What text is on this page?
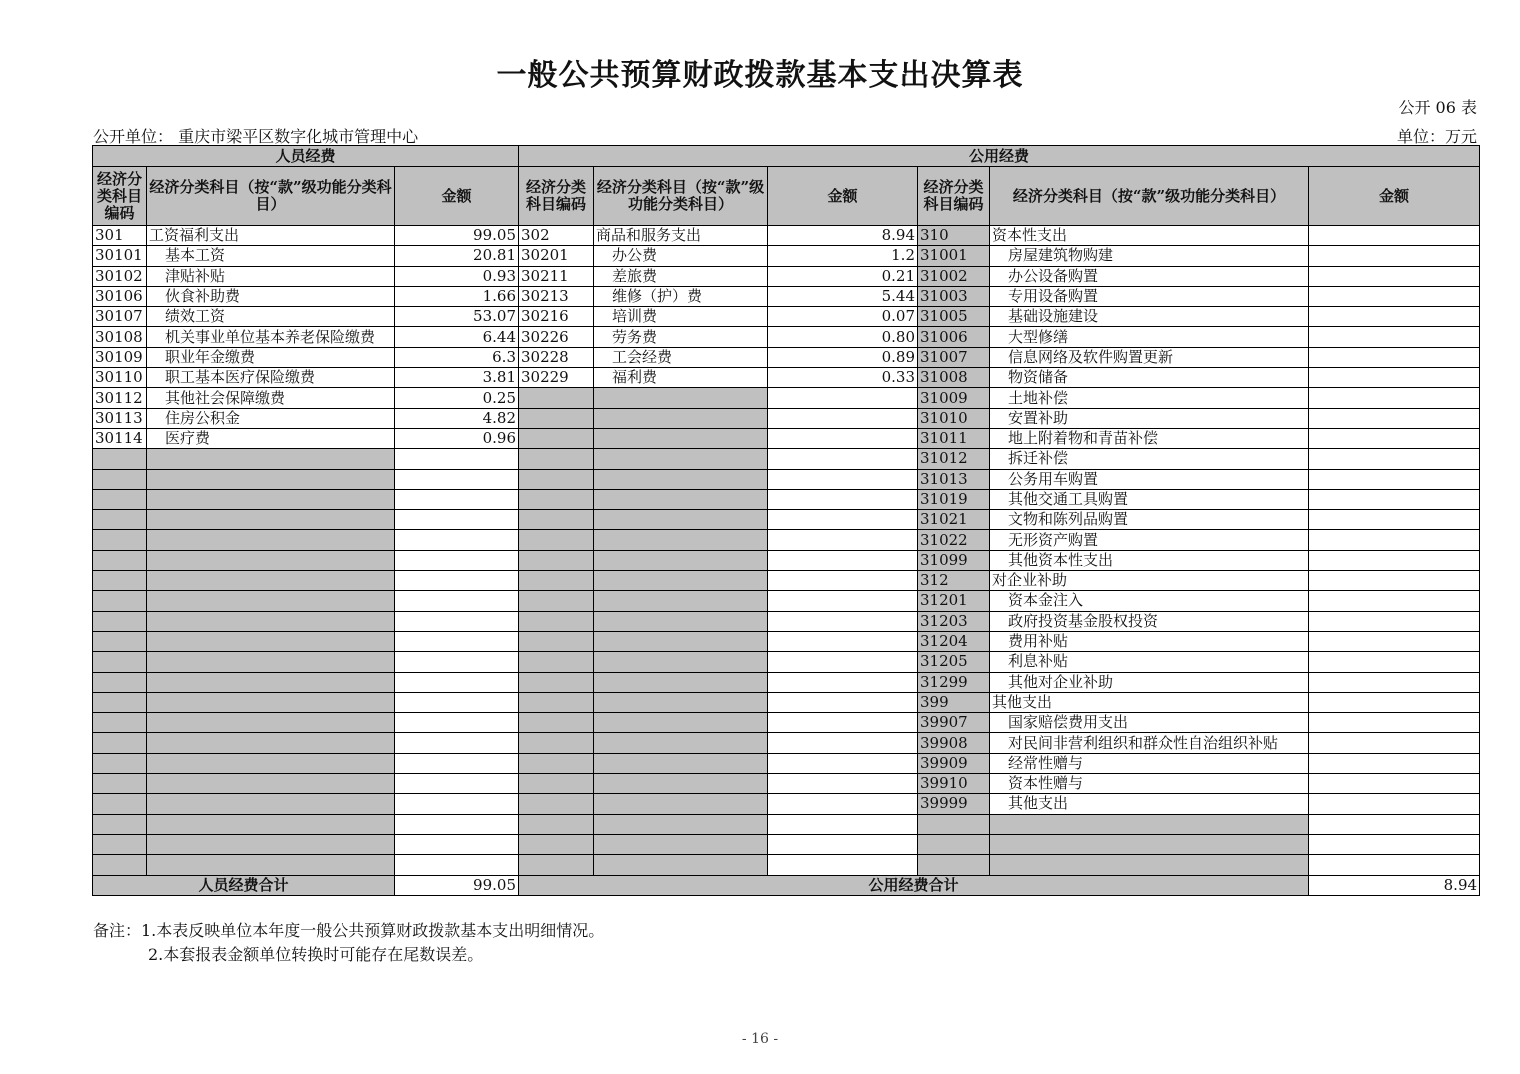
一般公共预算财政拨款基本支出决算表
公开 06 表
公开单位： 重庆市梁平区数字化城市管理中心	单位：万元
人员经费			公用经费					
经济分类科目编码	经济分类科目（按“款”级功能分类科目）	金额	经济分类科目编码	经济分类科目（按“款”级功能分类科目）	金额	经济分类科目编码	经济分类科目（按“款”级功能分类科目）	金额
301	工资福利支出	99.05	302	商品和服务支出	8.94	310	资本性支出	
30101	基本工资	20.81	30201	办公费	1.2	31001	房屋建筑物购建	
30102	津贴补贴	0.93	30211	差旅费	0.21	31002	办公设备购置	
30106	伙食补助费	1.66	30213	维修（护）费	5.44	31003	专用设备购置	
30107	绩效工资	53.07	30216	培训费	0.07	31005	基础设施建设	
30108	机关事业单位基本养老保险缴费	6.44	30226	劳务费	0.80	31006	大型修缮	
30109	职业年金缴费	6.3	30228	工会经费	0.89	31007	信息网络及软件购置更新	
30110	职工基本医疗保险缴费	3.81	30229	福利费	0.33	31008	物资储备	
30112	其他社会保障缴费	0.25				31009	土地补偿	
30113	住房公积金	4.82				31010	安置补助	
30114	医疗费	0.96				31011	地上附着物和青苗补偿	
						31012	拆迁补偿	
						31013	公务用车购置	
						31019	其他交通工具购置	
						31021	文物和陈列品购置	
						31022	无形资产购置	
						31099	其他资本性支出	
						312	对企业补助	
						31201	资本金注入	
						31203	政府投资基金股权投资	
						31204	费用补贴	
						31205	利息补贴	
						31299	其他对企业补助	
						399	其他支出	
						39907	国家赔偿费用支出	
						39908	对民间非营利组织和群众性自治组织补贴	
						39909	经常性赠与	
						39910	资本性赠与	
						39999	其他支出	

人员经费合计		99.05	公用经费合计					8.94
备注：1.本表反映单位本年度一般公共预算财政拨款基本支出明细情况。
2.本套报表金额单位转换时可能存在尾数误差。
- 16 -
